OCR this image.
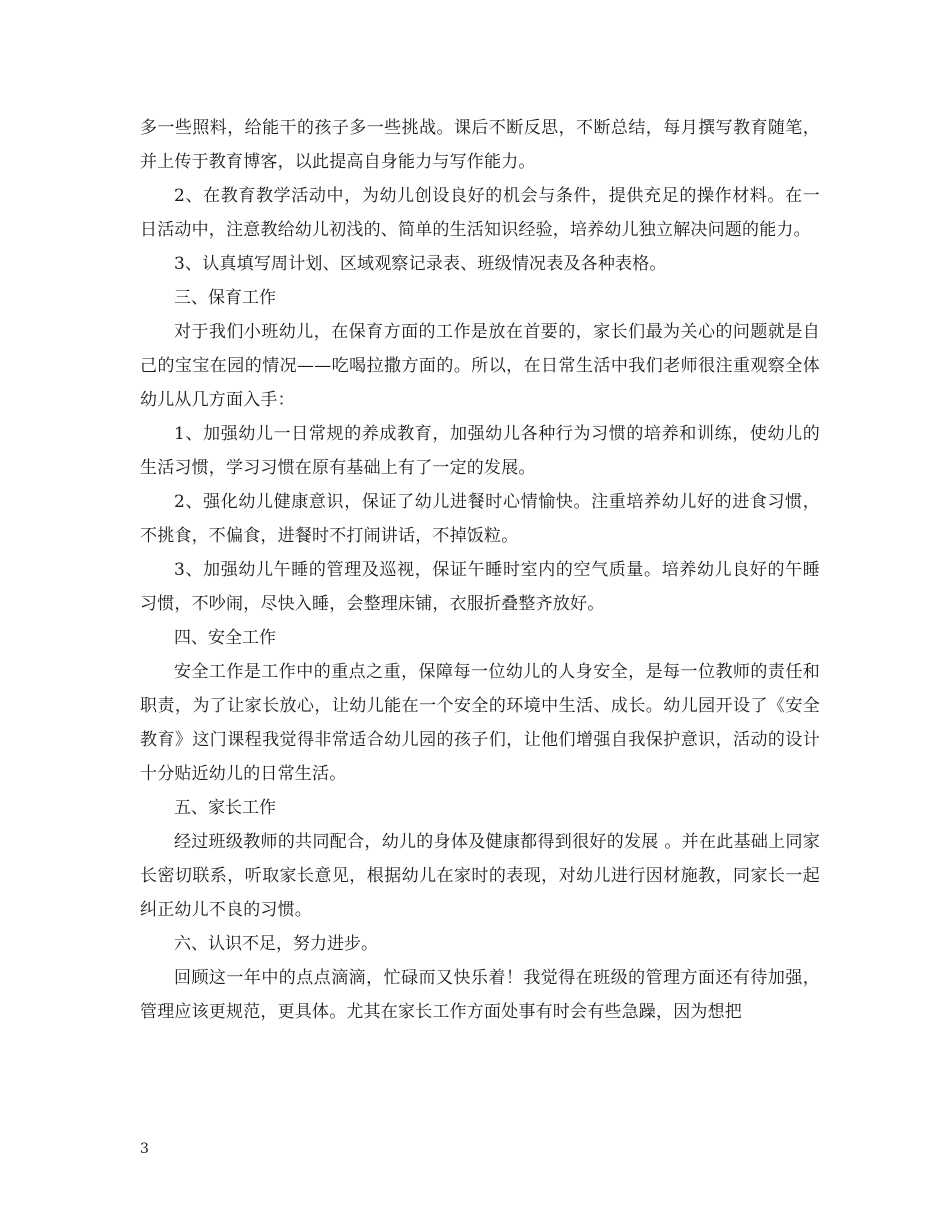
多一些照料，给能干的孩子多一些挑战。课后不断反思，不断总结，每月撰写教育随笔，并上传于教育博客，以此提高自身能力与写作能力。

2、在教育教学活动中，为幼儿创设良好的机会与条件，提供充足的操作材料。在一日活动中，注意教给幼儿初浅的、简单的生活知识经验，培养幼儿独立解决问题的能力。

3、认真填写周计划、区域观察记录表、班级情况表及各种表格。

三、保育工作

对于我们小班幼儿，在保育方面的工作是放在首要的，家长们最为关心的问题就是自己的宝宝在园的情况——吃喝拉撒方面的。所以，在日常生活中我们老师很注重观察全体幼儿从几方面入手：

1、加强幼儿一日常规的养成教育，加强幼儿各种行为习惯的培养和训练，使幼儿的生活习惯，学习习惯在原有基础上有了一定的发展。

2、强化幼儿健康意识，保证了幼儿进餐时心情愉快。注重培养幼儿好的进食习惯，不挑食，不偏食，进餐时不打闹讲话，不掉饭粒。

3、加强幼儿午睡的管理及巡视，保证午睡时室内的空气质量。培养幼儿良好的午睡习惯，不吵闹，尽快入睡，会整理床铺，衣服折叠整齐放好。

四、安全工作

安全工作是工作中的重点之重，保障每一位幼儿的人身安全，是每一位教师的责任和职责，为了让家长放心，让幼儿能在一个安全的环境中生活、成长。幼儿园开设了《安全教育》这门课程我觉得非常适合幼儿园的孩子们，让他们增强自我保护意识，活动的设计十分贴近幼儿的日常生活。

五、家长工作

经过班级教师的共同配合，幼儿的身体及健康都得到很好的发展 。并在此基础上同家长密切联系，听取家长意见，根据幼儿在家时的表现，对幼儿进行因材施教，同家长一起纠正幼儿不良的习惯。

六、认识不足，努力进步。

回顾这一年中的点点滴滴，忙碌而又快乐着！我觉得在班级的管理方面还有待加强，管理应该更规范，更具体。尤其在家长工作方面处事有时会有些急躁，因为想把

3
